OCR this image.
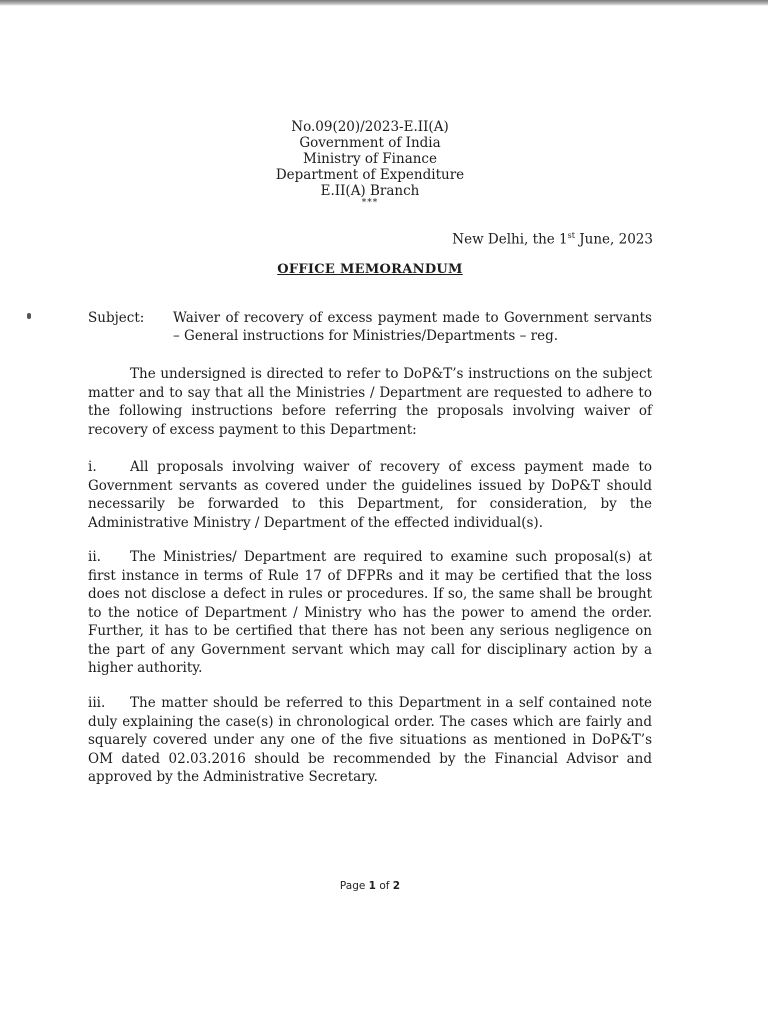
No.09(20)/2023-E.II(A)
Government of India
Ministry of Finance
Department of Expenditure
E.II(A) Branch
***
New Delhi, the 1st June, 2023
OFFICE MEMORANDUM
Subject: Waiver of recovery of excess payment made to Government servants – General instructions for Ministries/Departments – reg.
The undersigned is directed to refer to DoP&T’s instructions on the subject matter and to say that all the Ministries / Department are requested to adhere to the following instructions before referring the proposals involving waiver of recovery of excess payment to this Department:
i. All proposals involving waiver of recovery of excess payment made to Government servants as covered under the guidelines issued by DoP&T should necessarily be forwarded to this Department, for consideration, by the Administrative Ministry / Department of the effected individual(s).
ii. The Ministries/ Department are required to examine such proposal(s) at first instance in terms of Rule 17 of DFPRs and it may be certified that the loss does not disclose a defect in rules or procedures. If so, the same shall be brought to the notice of Department / Ministry who has the power to amend the order. Further, it has to be certified that there has not been any serious negligence on the part of any Government servant which may call for disciplinary action by a higher authority.
iii. The matter should be referred to this Department in a self contained note duly explaining the case(s) in chronological order. The cases which are fairly and squarely covered under any one of the five situations as mentioned in DoP&T’s OM dated 02.03.2016 should be recommended by the Financial Advisor and approved by the Administrative Secretary.
Page 1 of 2
